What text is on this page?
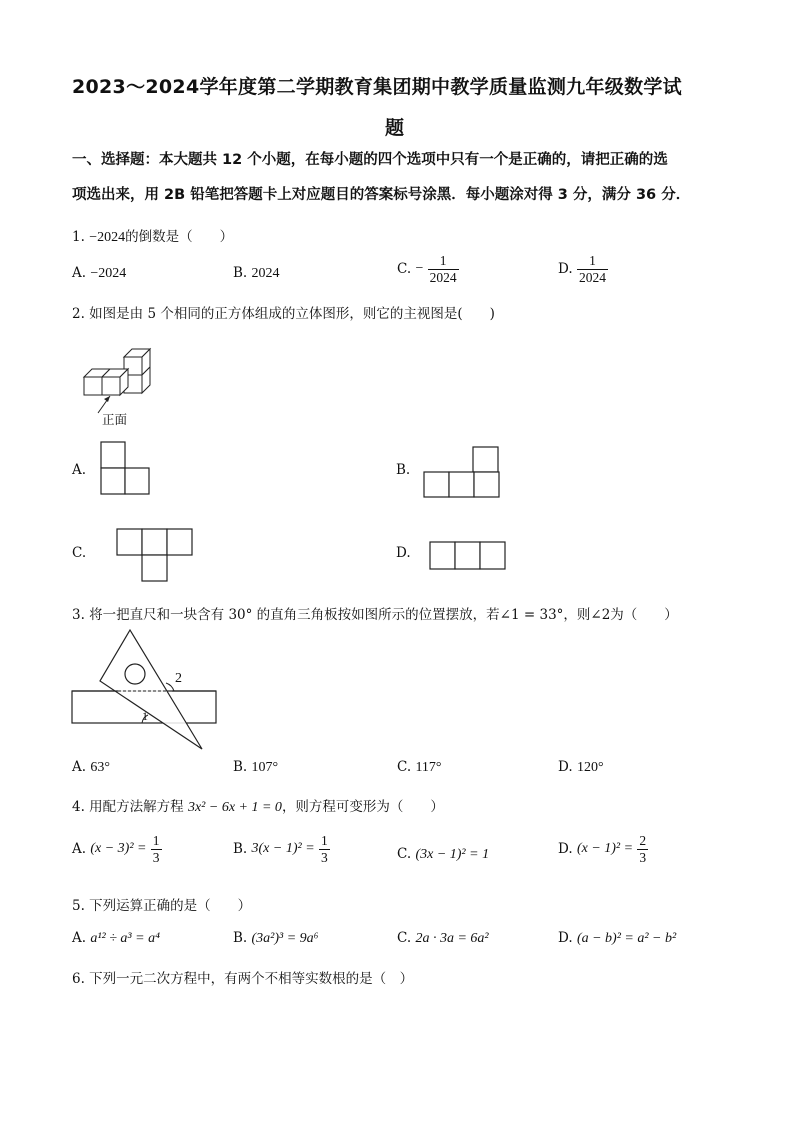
2023～2024学年度第二学期教育集团期中教学质量监测九年级数学试
题
一、选择题：本大题共 12 个小题，在每小题的四个选项中只有一个是正确的，请把正确的选
项选出来，用 2B 铅笔把答题卡上对应题目的答案标号涂黑．每小题涂对得 3 分，满分 36 分．
1. −2024的倒数是（　　）
A. −2024	B. 2024	C. − $\frac{1}{2024}$	D. $\frac{1}{2024}$
2. 如图是由 5 个相同的正方体组成的立体图形，则它的主视图是(　　)
正面
A.	B.
C.	D.
3. 将一把直尺和一块含有 30° 的直角三角板按如图所示的位置摆放，若∠1 = 33°，则∠2为（　　）
2
1
A. 63°	B. 107°	C. 117°	D. 120°
4. 用配方法解方程 3x² − 6x + 1 = 0，则方程可变形为（　　）
A. $(x - 3)^2 = \frac{1}{3}$	B. $3(x - 1)^2 = \frac{1}{3}$	C. (3x − 1)² = 1	D. $(x - 1)^2 = \frac{2}{3}$
5. 下列运算正确的是（　　）
A. a¹² ÷ a³ = a⁴	B. (3a²)³ = 9a⁶	C. 2a · 3a = 6a²	D. (a − b)² = a² − b²
6. 下列一元二次方程中，有两个不相等实数根的是（　）
